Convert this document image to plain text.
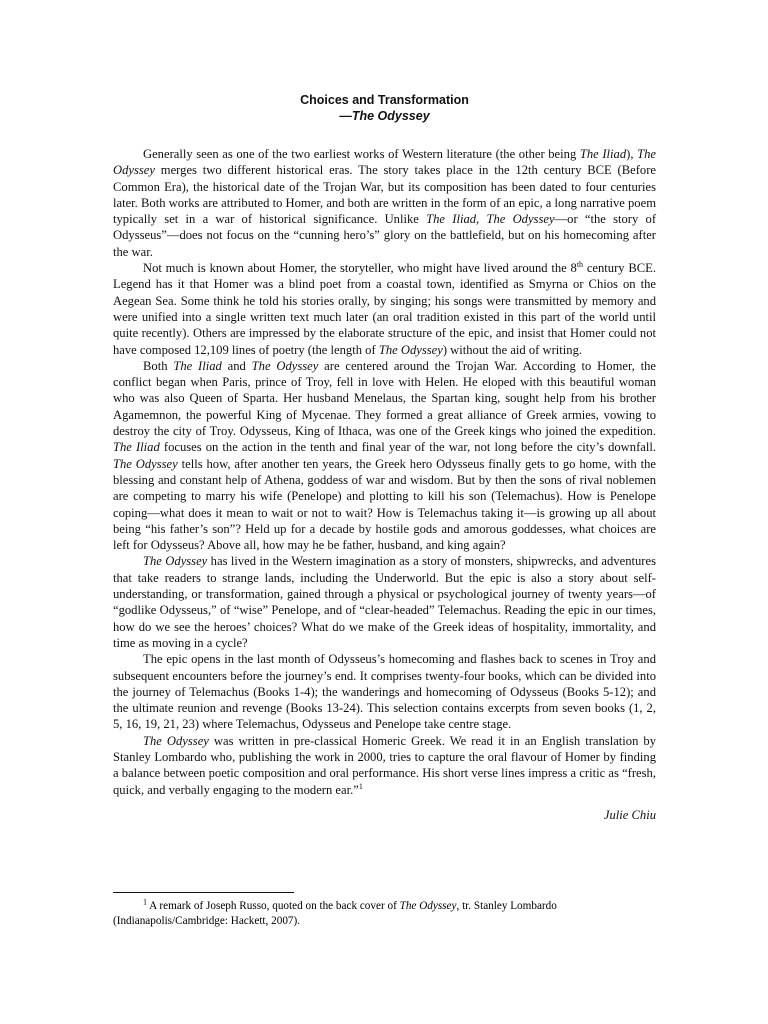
Choices and Transformation
—The Odyssey

Generally seen as one of the two earliest works of Western literature (the other being The Iliad), The Odyssey merges two different historical eras. The story takes place in the 12th century BCE (Before Common Era), the historical date of the Trojan War, but its composition has been dated to four centuries later. Both works are attributed to Homer, and both are written in the form of an epic, a long narrative poem typically set in a war of historical significance. Unlike The Iliad, The Odyssey—or “the story of Odysseus”—does not focus on the “cunning hero’s” glory on the battlefield, but on his homecoming after the war.

Not much is known about Homer, the storyteller, who might have lived around the 8th century BCE. Legend has it that Homer was a blind poet from a coastal town, identified as Smyrna or Chios on the Aegean Sea. Some think he told his stories orally, by singing; his songs were transmitted by memory and were unified into a single written text much later (an oral tradition existed in this part of the world until quite recently). Others are impressed by the elaborate structure of the epic, and insist that Homer could not have composed 12,109 lines of poetry (the length of The Odyssey) without the aid of writing.

Both The Iliad and The Odyssey are centered around the Trojan War. According to Homer, the conflict began when Paris, prince of Troy, fell in love with Helen. He eloped with this beautiful woman who was also Queen of Sparta. Her husband Menelaus, the Spartan king, sought help from his brother Agamemnon, the powerful King of Mycenae. They formed a great alliance of Greek armies, vowing to destroy the city of Troy. Odysseus, King of Ithaca, was one of the Greek kings who joined the expedition. The Iliad focuses on the action in the tenth and final year of the war, not long before the city’s downfall. The Odyssey tells how, after another ten years, the Greek hero Odysseus finally gets to go home, with the blessing and constant help of Athena, goddess of war and wisdom. But by then the sons of rival noblemen are competing to marry his wife (Penelope) and plotting to kill his son (Telemachus). How is Penelope coping—what does it mean to wait or not to wait? How is Telemachus taking it—is growing up all about being “his father’s son”? Held up for a decade by hostile gods and amorous goddesses, what choices are left for Odysseus? Above all, how may he be father, husband, and king again?

The Odyssey has lived in the Western imagination as a story of monsters, shipwrecks, and adventures that take readers to strange lands, including the Underworld. But the epic is also a story about self-understanding, or transformation, gained through a physical or psychological journey of twenty years—of “godlike Odysseus,” of “wise” Penelope, and of “clear-headed” Telemachus. Reading the epic in our times, how do we see the heroes’ choices? What do we make of the Greek ideas of hospitality, immortality, and time as moving in a cycle?

The epic opens in the last month of Odysseus’s homecoming and flashes back to scenes in Troy and subsequent encounters before the journey’s end. It comprises twenty-four books, which can be divided into the journey of Telemachus (Books 1-4); the wanderings and homecoming of Odysseus (Books 5-12); and the ultimate reunion and revenge (Books 13-24). This selection contains excerpts from seven books (1, 2, 5, 16, 19, 21, 23) where Telemachus, Odysseus and Penelope take centre stage.

The Odyssey was written in pre-classical Homeric Greek. We read it in an English translation by Stanley Lombardo who, publishing the work in 2000, tries to capture the oral flavour of Homer by finding a balance between poetic composition and oral performance. His short verse lines impress a critic as “fresh, quick, and verbally engaging to the modern ear.”$^1$

Julie Chiu
$^1$ A remark of Joseph Russo, quoted on the back cover of The Odyssey, tr. Stanley Lombardo (Indianapolis/Cambridge: Hackett, 2007).
